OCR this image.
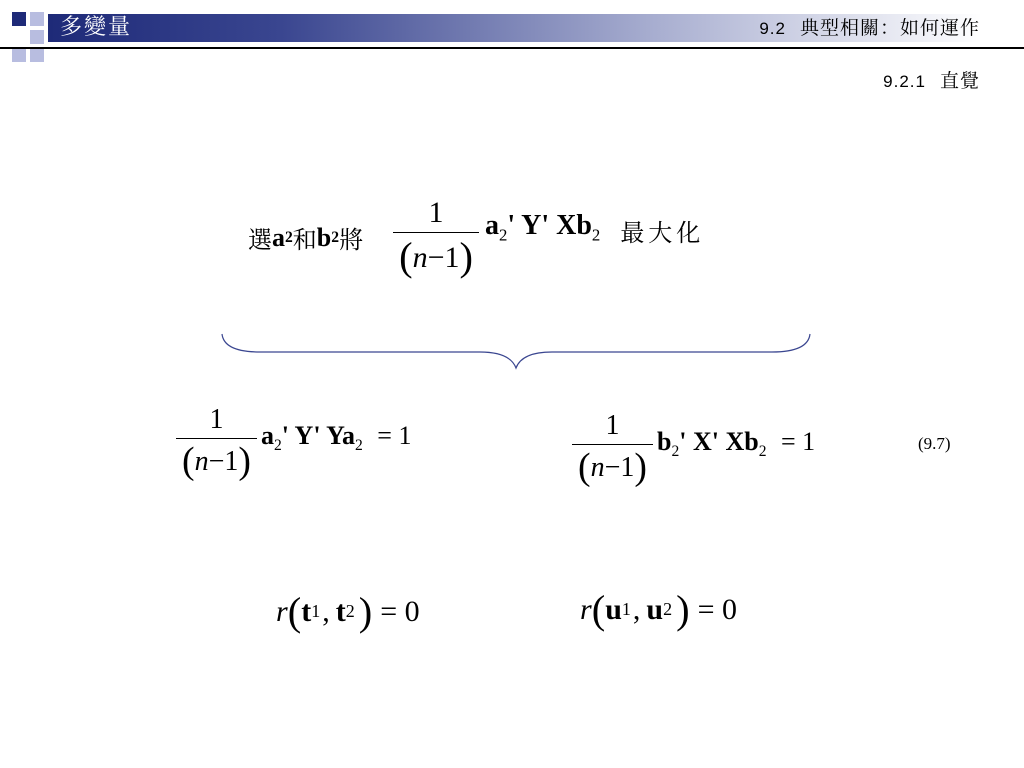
多變量	9.2 典型相關：如何運作
9.2.1 直覺
選 a 2 和 b 2 將 $\frac{1}{(n-1)} a_2'$ Y' $Xb_2$ 最大化
$\frac{1}{(n-1)} a_2'$ Y' $Ya_2 = 1$	$\frac{1}{(n-1)} b_2'$ X' $Xb_2 = 1$	(9.7)
r ( t 1 , t 2 ) = 0	r ( u 1 , u 2 ) = 0
